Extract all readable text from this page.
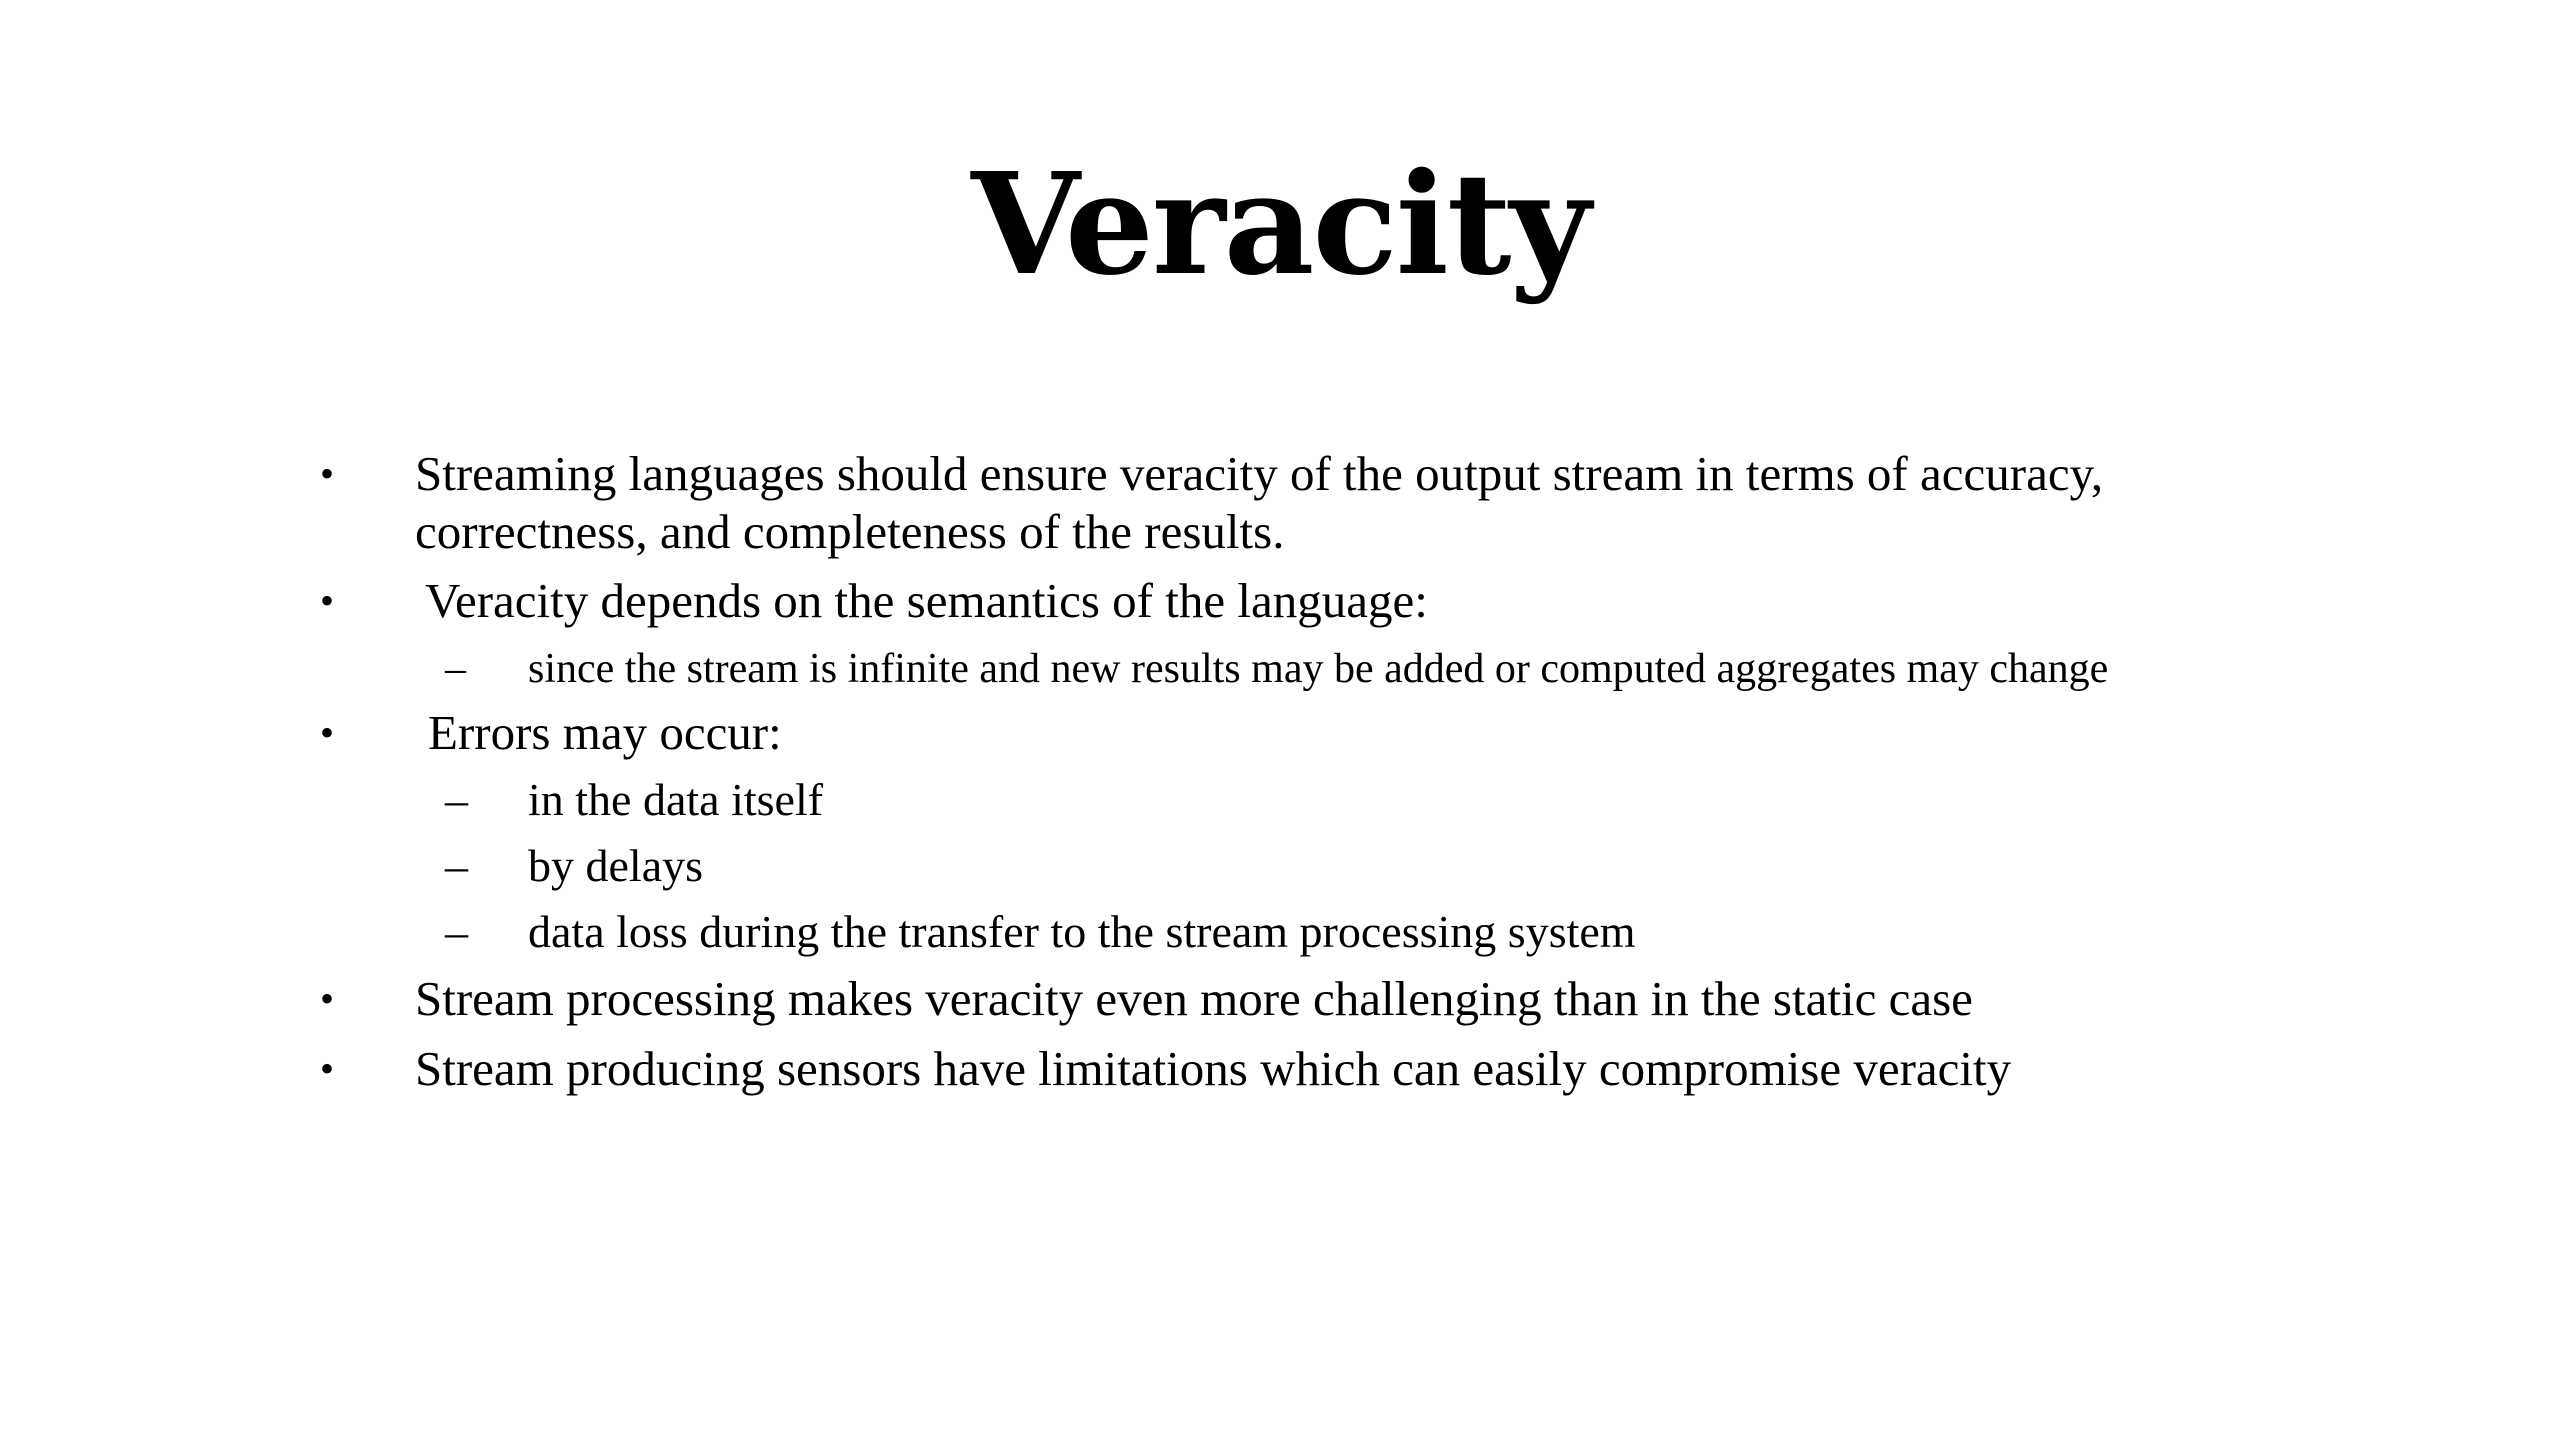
Veracity
• Streaming languages should ensure veracity of the output stream in terms of accuracy,
correctness, and completeness of the results.
• Veracity depends on the semantics of the language:
– since the stream is infinite and new results may be added or computed aggregates may change
• Errors may occur:
– in the data itself
– by delays
– data loss during the transfer to the stream processing system
• Stream processing makes veracity even more challenging than in the static case
• Stream producing sensors have limitations which can easily compromise veracity
